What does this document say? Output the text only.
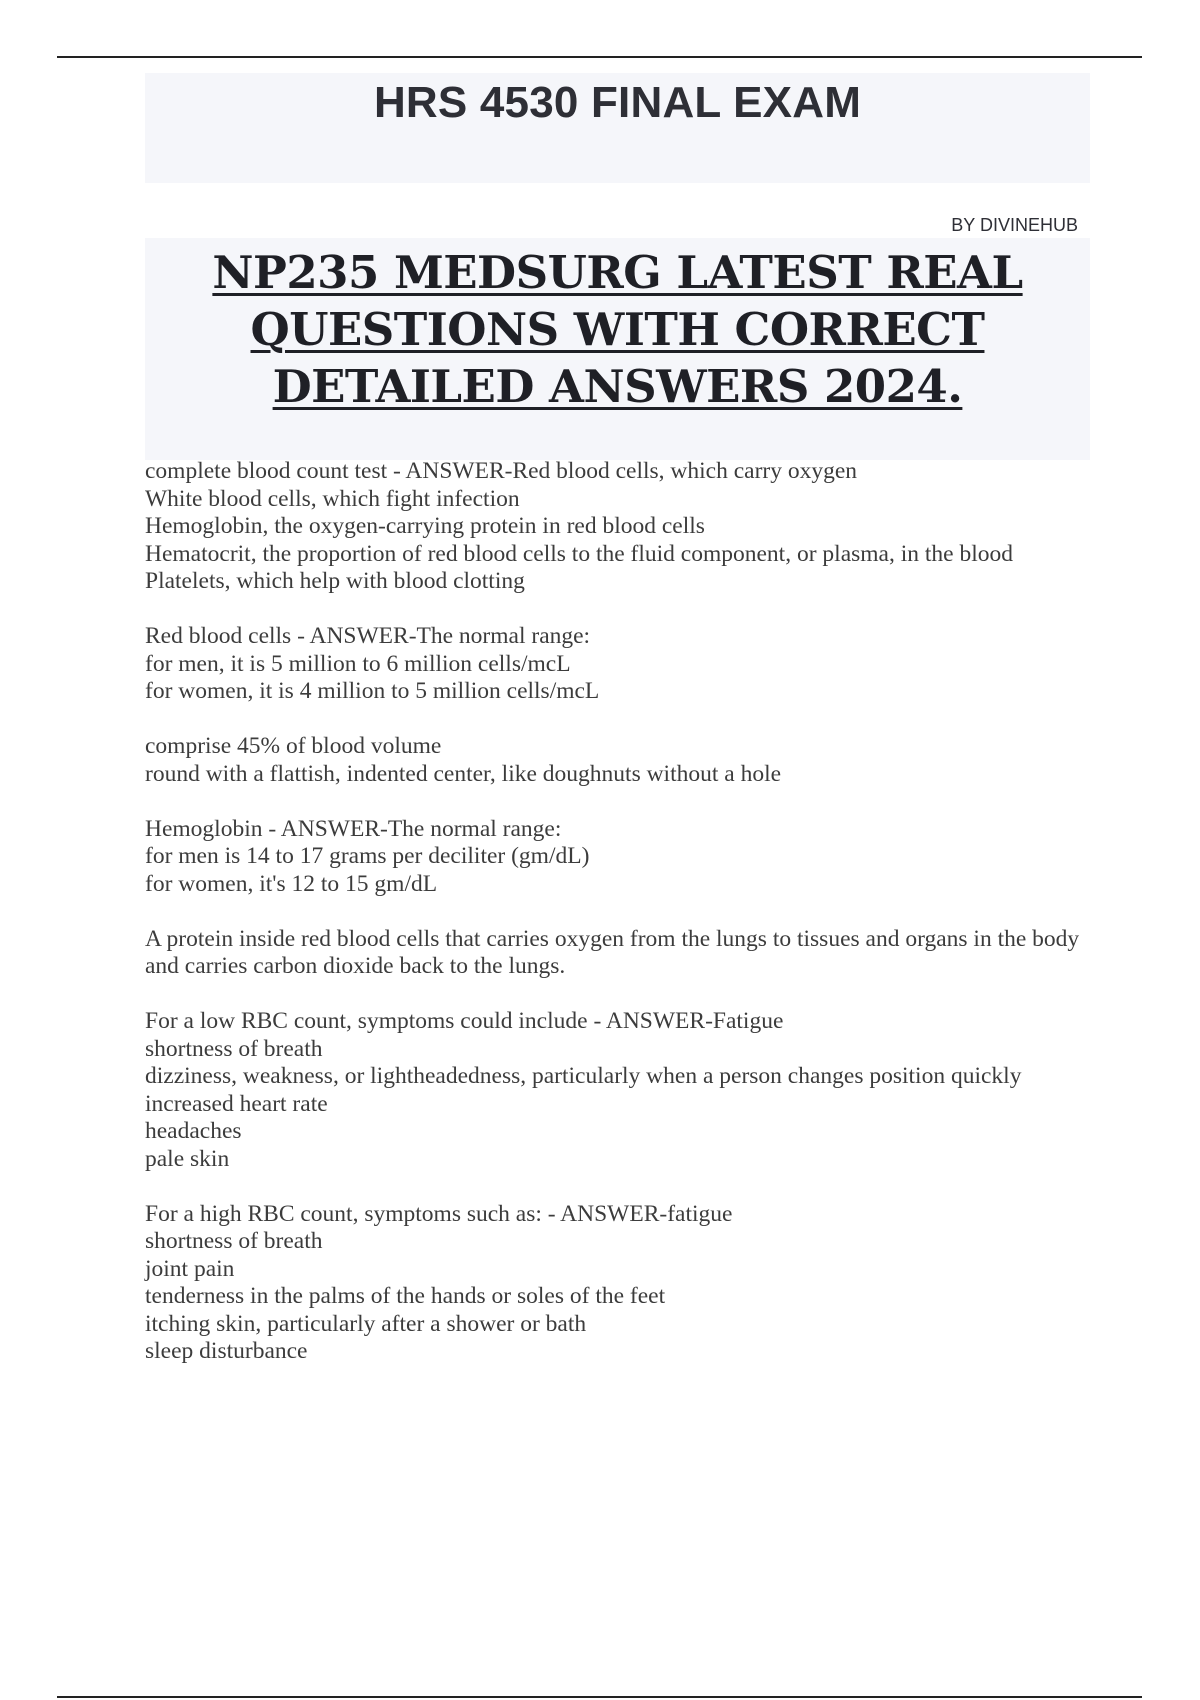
HRS 4530 FINAL EXAM

BY DIVINEHUB

NP235 MEDSURG LATEST REAL
QUESTIONS WITH CORRECT
DETAILED ANSWERS 2024.

complete blood count test - ANSWER-Red blood cells, which carry oxygen

White blood cells, which fight infection

Hemoglobin, the oxygen-carrying protein in red blood cells

Hematocrit, the proportion of red blood cells to the fluid component, or plasma, in the blood

Platelets, which help with blood clotting

Red blood cells - ANSWER-The normal range:

for men, it is 5 million to 6 million cells/mcL

for women, it is 4 million to 5 million cells/mcL

comprise 45% of blood volume

round with a flattish, indented center, like doughnuts without a hole

Hemoglobin - ANSWER-The normal range:

for men is 14 to 17 grams per deciliter (gm/dL)

for women, it's 12 to 15 gm/dL

A protein inside red blood cells that carries oxygen from the lungs to tissues and organs in the body and carries carbon dioxide back to the lungs.

For a low RBC count, symptoms could include - ANSWER-Fatigue

shortness of breath

dizziness, weakness, or lightheadedness, particularly when a person changes position quickly

increased heart rate

headaches

pale skin

For a high RBC count, symptoms such as: - ANSWER-fatigue

shortness of breath

joint pain

tenderness in the palms of the hands or soles of the feet

itching skin, particularly after a shower or bath

sleep disturbance
